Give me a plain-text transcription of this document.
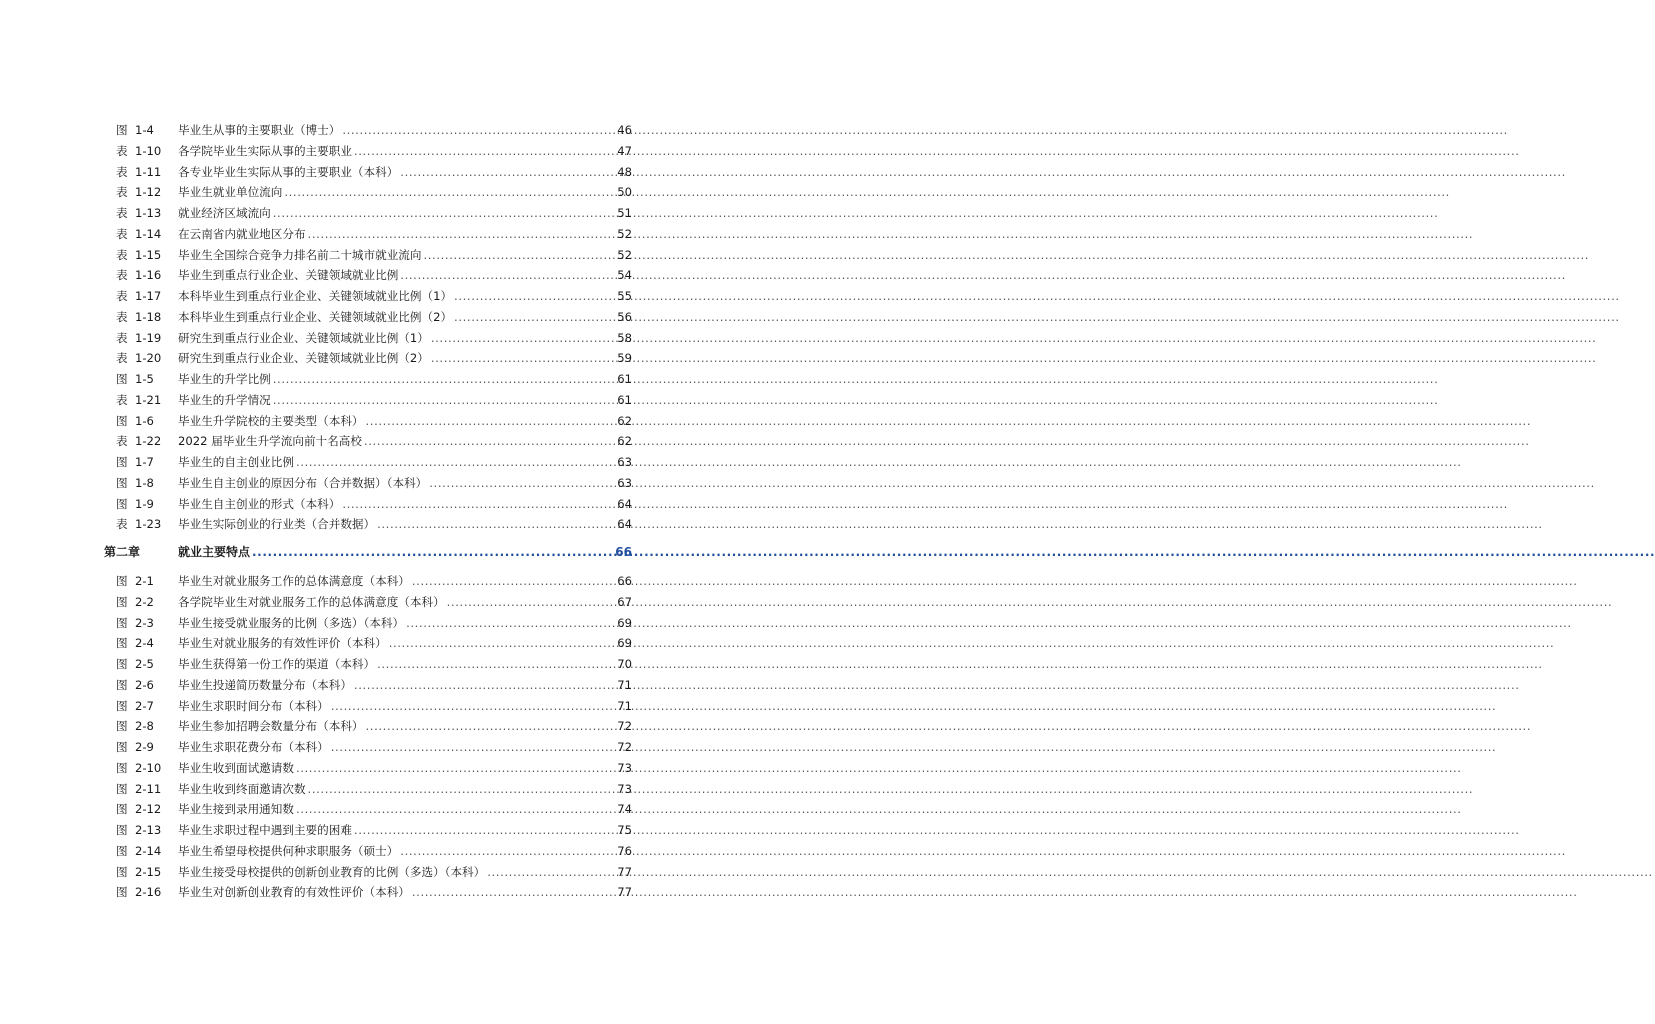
图 1-4	毕业生从事的主要职业（博士） .....	46
表 1-10	各学院毕业生实际从事的主要职业 .....	47
表 1-11	各专业毕业生实际从事的主要职业（本科） .....	48
表 1-12	毕业生就业单位流向 .....	50
表 1-13	就业经济区域流向 .....	51
表 1-14	在云南省内就业地区分布 .....	52
表 1-15	毕业生全国综合竞争力排名前二十城市就业流向 .....	52
表 1-16	毕业生到重点行业企业、关键领域就业比例 .....	54
表 1-17	本科毕业生到重点行业企业、关键领域就业比例（1） .....	55
表 1-18	本科毕业生到重点行业企业、关键领域就业比例（2） .....	56
表 1-19	研究生到重点行业企业、关键领域就业比例（1） .....	58
表 1-20	研究生到重点行业企业、关键领域就业比例（2） .....	59
图 1-5	毕业生的升学比例 .....	61
表 1-21	毕业生的升学情况 .....	61
图 1-6	毕业生升学院校的主要类型（本科） .....	62
表 1-22	2022 届毕业生升学流向前十名高校 .....	62
图 1-7	毕业生的自主创业比例 .....	63
图 1-8	毕业生自主创业的原因分布（合并数据）（本科） .....	63
图 1-9	毕业生自主创业的形式（本科） .....	64
表 1-23	毕业生实际创业的行业类（合并数据） .....	64
第二章	就业主要特点 .....	66
图 2-1	毕业生对就业服务工作的总体满意度（本科） .....	66
图 2-2	各学院毕业生对就业服务工作的总体满意度（本科） .....	67
图 2-3	毕业生接受就业服务的比例（多选）（本科） .....	69
图 2-4	毕业生对就业服务的有效性评价（本科） .....	69
图 2-5	毕业生获得第一份工作的渠道（本科） .....	70
图 2-6	毕业生投递简历数量分布（本科） .....	71
图 2-7	毕业生求职时间分布（本科） .....	71
图 2-8	毕业生参加招聘会数量分布（本科） .....	72
图 2-9	毕业生求职花费分布（本科） .....	72
图 2-10	毕业生收到面试邀请数 .....	73
图 2-11	毕业生收到终面邀请次数 .....	73
图 2-12	毕业生接到录用通知数 .....	74
图 2-13	毕业生求职过程中遇到主要的困难 .....	75
图 2-14	毕业生希望母校提供何种求职服务（硕士） .....	76
图 2-15	毕业生接受母校提供的创新创业教育的比例（多选）（本科） .....	77
图 2-16	毕业生对创新创业教育的有效性评价（本科） .....	77
